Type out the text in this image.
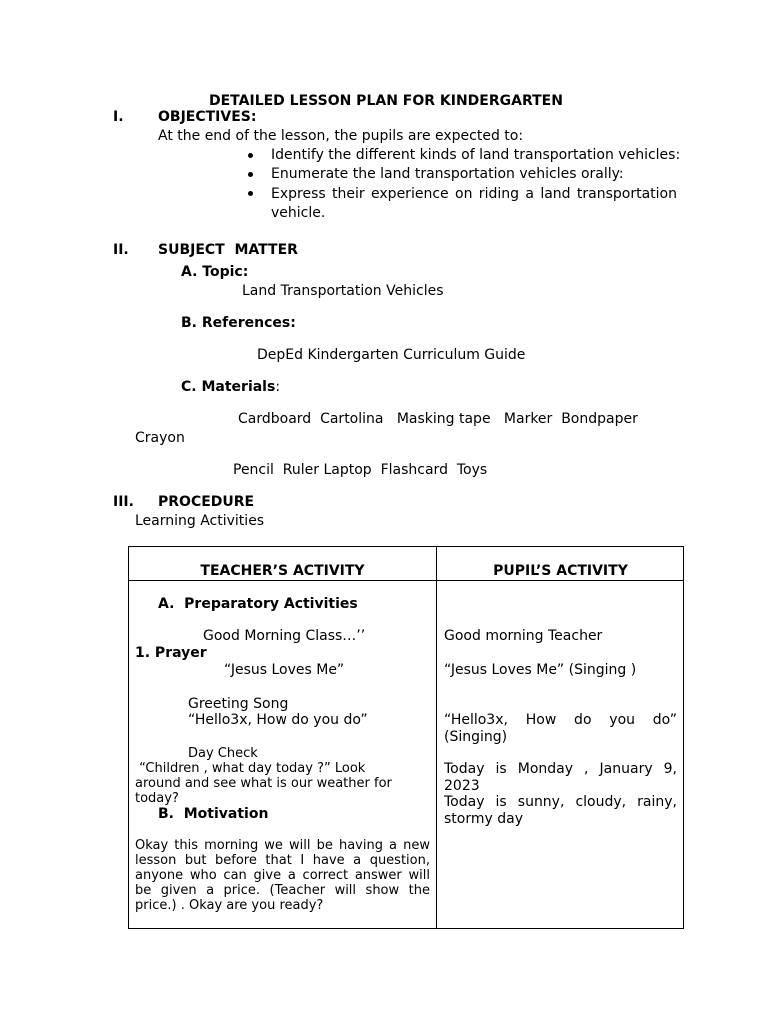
DETAILED LESSON PLAN FOR KINDERGARTEN
I. OBJECTIVES:
At the end of the lesson, the pupils are expected to:
Identify the different kinds of land transportation vehicles:
Enumerate the land transportation vehicles orally:
Express their experience on riding a land transportation vehicle.
II. SUBJECT  MATTER
A. Topic:
Land Transportation Vehicles
B. References:
DepEd Kindergarten Curriculum Guide
C. Materials:
Cardboard  Cartolina   Masking tape   Marker  Bondpaper
Crayon
Pencil  Ruler Laptop  Flashcard  Toys
III. PROCEDURE
Learning Activities
TEACHER’S ACTIVITY	PUPIL’S ACTIVITY
A.  Preparatory Activities
Good Morning Class…’’
1. Prayer
“Jesus Loves Me”
Greeting Song
“Hello3x, How do you do”
Day Check
“Children , what day today ?” Look around and see what is our weather for today?
B.  Motivation
Okay this morning we will be having a new lesson but before that I have a question, anyone who can give a correct answer will be given a price. (Teacher will show the price.) . Okay are you ready?
Good morning Teacher
“Jesus Loves Me” (Singing )
“Hello3x,   How   do   you   do” (Singing)
Today  is  Monday  ,  January  9, 2023
Today  is  sunny,  cloudy,  rainy, stormy day
